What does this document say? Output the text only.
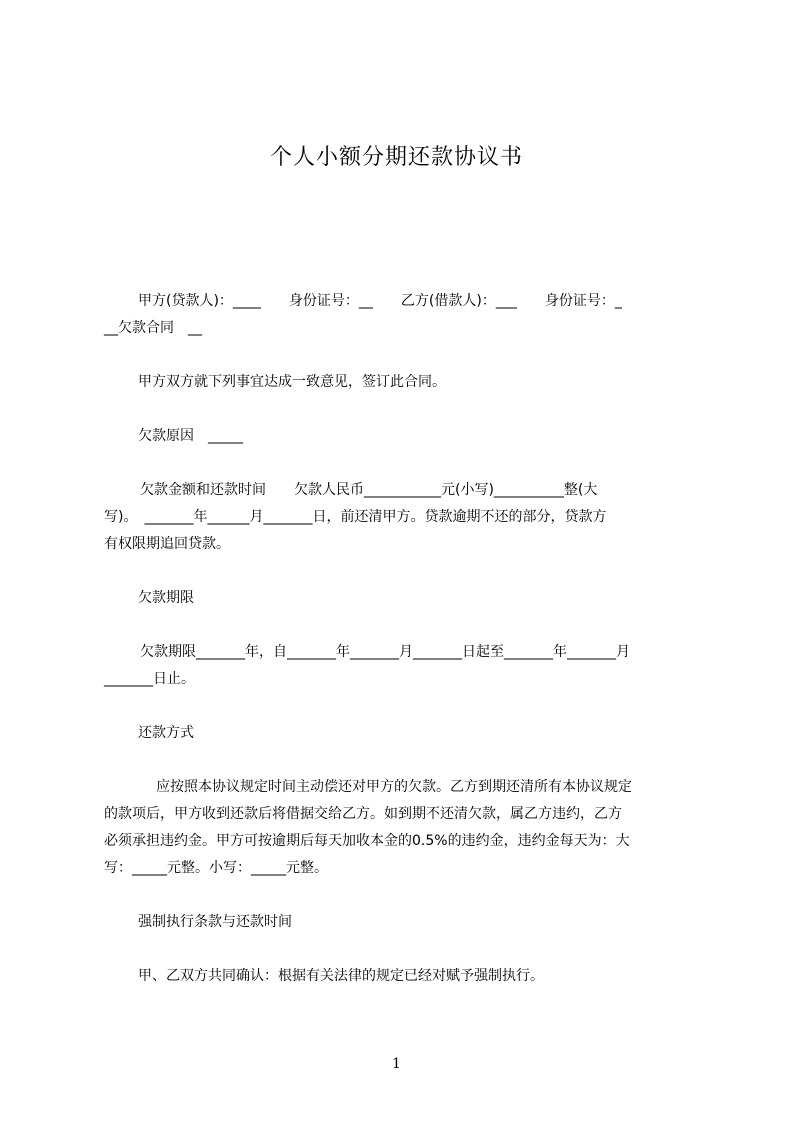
个人小额分期还款协议书
甲方(贷款人)：____　　身份证号：__　　乙方(借款人)：___　　身份证号：_
__欠款合同　__
甲方双方就下列事宜达成一致意见，签订此合同。
欠款原因　_____
欠款金额和还款时间　　欠款人民币___________元(小写)__________整(大
写)。　_______年______月_______日，前还清甲方。贷款逾期不还的部分，贷款方
有权限期追回贷款。
欠款期限
欠款期限_______年，自_______年_______月_______日起至_______年_______月
_______日止。
还款方式
应按照本协议规定时间主动偿还对甲方的欠款。乙方到期还清所有本协议规定
的款项后，甲方收到还款后将借据交给乙方。如到期不还清欠款，属乙方违约，乙方
必须承担违约金。甲方可按逾期后每天加收本金的0.5%的违约金，违约金每天为：大
写：_____元整。小写：_____元整。
强制执行条款与还款时间
甲、乙双方共同确认：根据有关法律的规定已经对赋予强制执行。
1
